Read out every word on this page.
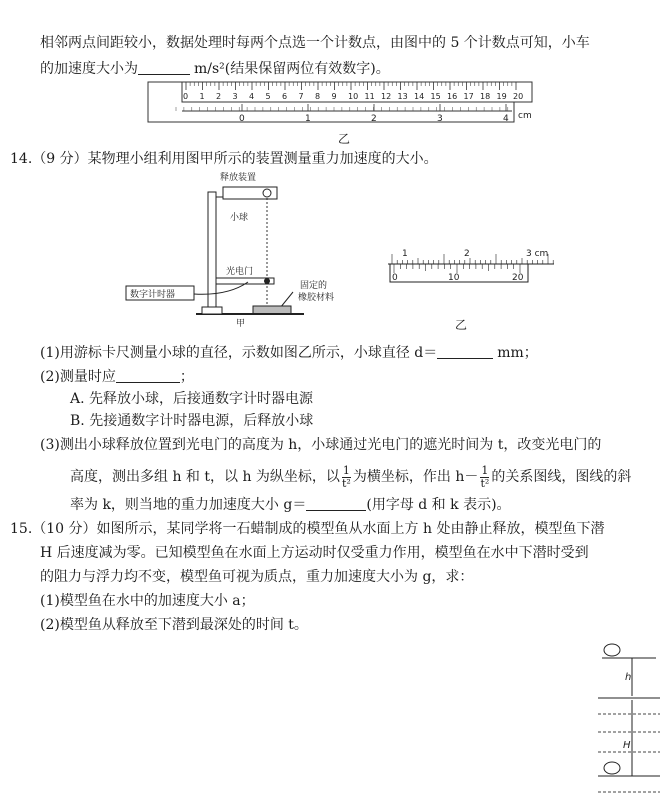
相邻两点间距较小，数据处理时每两个点选一个计数点，由图中的 5 个计数点可知，小车
的加速度大小为	m/s²(结果保留两位有效数字)。
0 1 2 3 4 5 6 7 8 9 10 11 12 13 14 15 16 17 18 19 20
0	1	2	3	4 cm
乙
14.（9 分）某物理小组利用图甲所示的装置测量重力加速度的大小。
释放装置
小球
光电门
固定的
橡胶材料
数字计时器
甲
1	2	3 cm
0	10	20
乙
(1)用游标卡尺测量小球的直径，示数如图乙所示，小球直径 d＝	mm；
(2)测量时应	；
A. 先释放小球，后接通数字计时器电源
B. 先接通数字计时器电源，后释放小球
(3)测出小球释放位置到光电门的高度为 h，小球通过光电门的遮光时间为 t，改变光电门的
高度，测出多组 h 和 t，以 h 为纵坐标，以 $\frac{1}{\text{t²}}$ 为横坐标，作出 $h- \frac{1}{\text{t²}}$ 的关系图线，图线的斜
率为 k，则当地的重力加速度大小 g＝	(用字母 d 和 k 表示)。
15.（10 分）如图所示，某同学将一石蜡制成的模型鱼从水面上方 h 处由静止释放，模型鱼下潜
H 后速度减为零。已知模型鱼在水面上方运动时仅受重力作用，模型鱼在水中下潜时受到
的阻力与浮力均不变，模型鱼可视为质点，重力加速度大小为 g，求：
(1)模型鱼在水中的加速度大小 a；
(2)模型鱼从释放至下潜到最深处的时间 t。
h
H
